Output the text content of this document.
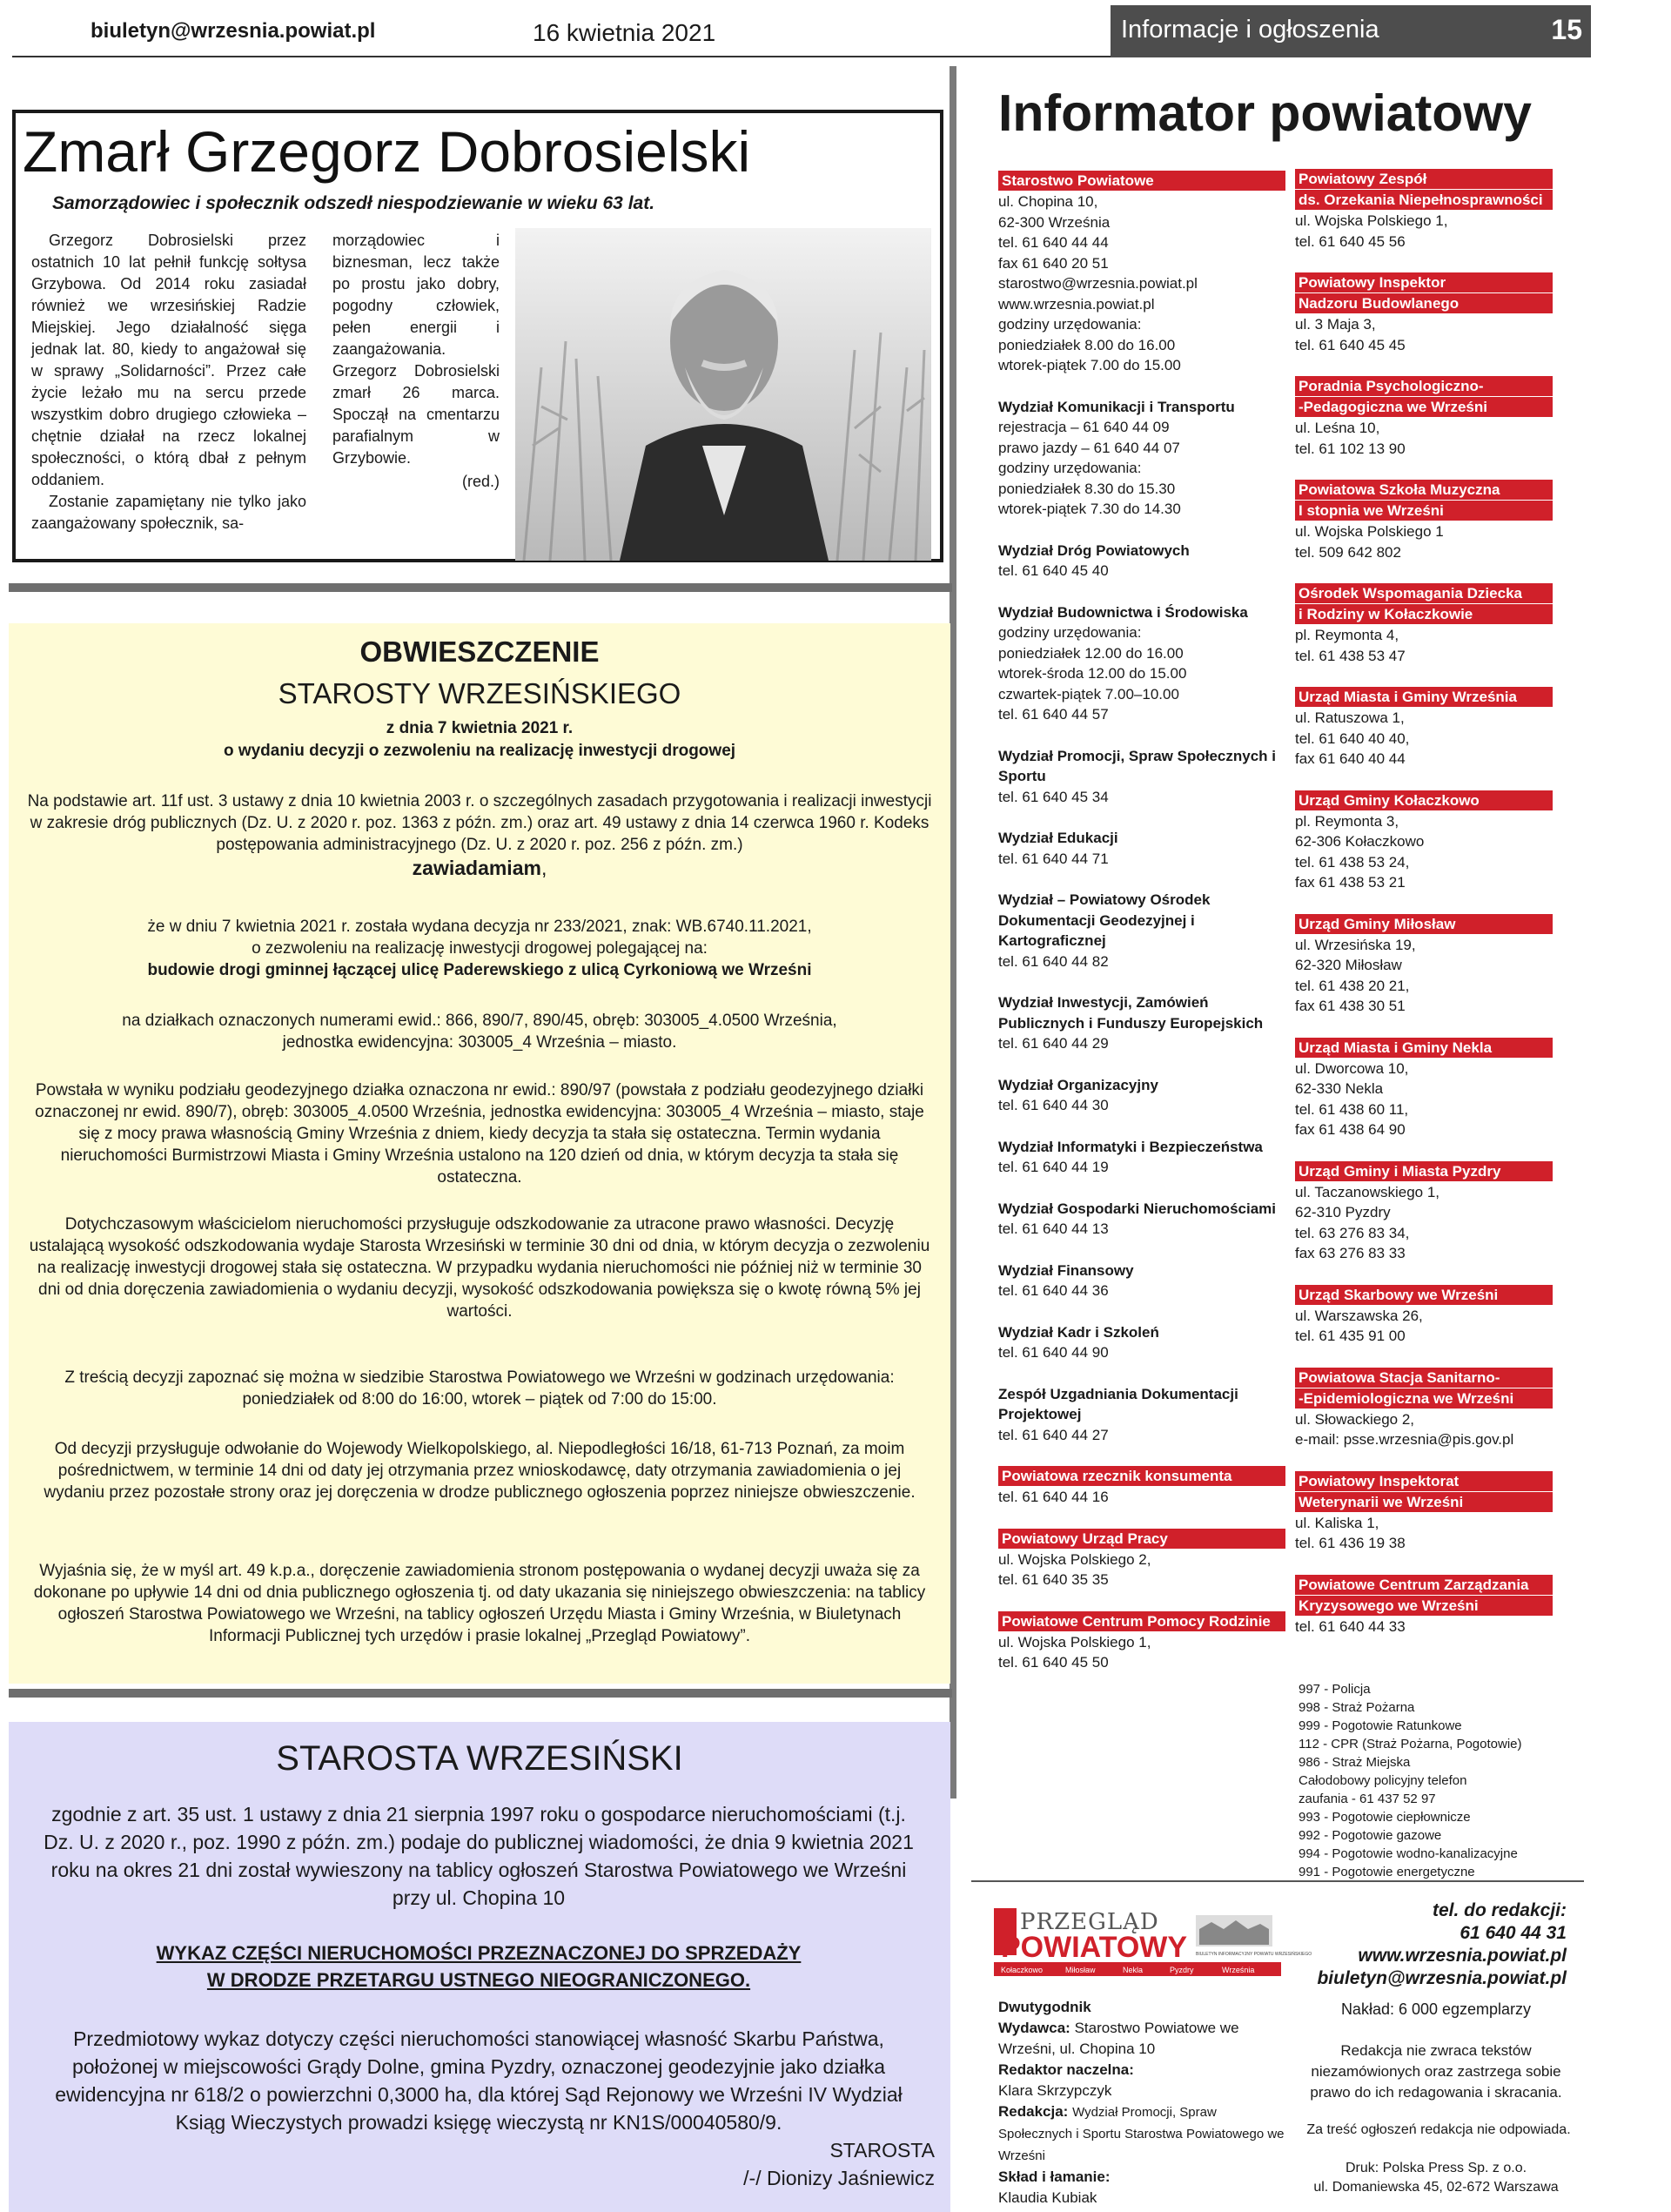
biuletyn@wrzesnia.powiat.pl	16 kwietnia 2021	Informacje i ogłoszenia	15
Zmarł Grzegorz Dobrosielski
Samorządowiec i społecznik odszedł niespodziewanie w wieku 63 lat.

Grzegorz Dobrosielski przez ostatnich 10 lat pełnił funkcję sołtysa Grzybowa. Od 2014 roku zasiadał również we wrzesińskiej Radzie Miejskiej. Jego działalność sięga jednak lat. 80, kiedy to angażował się w sprawy „Solidarności”. Przez całe życie leżało mu na sercu przede wszystkim dobro drugiego człowieka – chętnie działał na rzecz lokalnej społeczności, o którą dbał z pełnym oddaniem.

Zostanie zapamiętany nie tylko jako zaangażowany społecznik, sa-

morządowiec i biznesman, lecz także po prostu jako dobry, pogodny człowiek, pełen energii i zaangażowania. Grzegorz Dobrosielski zmarł 26 marca. Spoczął na cmentarzu parafialnym w Grzybowie.

(red.)
OBWIESZCZENIE
STAROSTY WRZESIŃSKIEGO
z dnia 7 kwietnia 2021 r.
o wydaniu decyzji o zezwoleniu na realizację inwestycji drogowej
Na podstawie art. 11f ust. 3 ustawy z dnia 10 kwietnia 2003 r. o szczególnych zasadach przygotowania i realizacji inwestycji w zakresie dróg publicznych (Dz. U. z 2020 r. poz. 1363 z późn. zm.) oraz art. 49 ustawy z dnia 14 czerwca 1960 r. Kodeks postępowania administracyjnego (Dz. U. z 2020 r. poz. 256 z późn. zm.)
zawiadamiam,
że w dniu 7 kwietnia 2021 r. została wydana decyzja nr 233/2021, znak: WB.6740.11.2021,
o zezwoleniu na realizację inwestycji drogowej polegającej na:
budowie drogi gminnej łączącej ulicę Paderewskiego z ulicą Cyrkoniową we Wrześni
na działkach oznaczonych numerami ewid.: 866, 890/7, 890/45, obręb: 303005_4.0500 Września, jednostka ewidencyjna: 303005_4 Września – miasto.
Powstała w wyniku podziału geodezyjnego działka oznaczona nr ewid.: 890/97 (powstała z podziału geodezyjnego działki oznaczonej nr ewid. 890/7), obręb: 303005_4.0500 Września, jednostka ewidencyjna: 303005_4 Września – miasto, staje się z mocy prawa własnością Gminy Września z dniem, kiedy decyzja ta stała się ostateczna. Termin wydania nieruchomości Burmistrzowi Miasta i Gminy Września ustalono na 120 dzień od dnia, w którym decyzja ta stała się ostateczna.
Dotychczasowym właścicielom nieruchomości przysługuje odszkodowanie za utracone prawo własności. Decyzję ustalającą wysokość odszkodowania wydaje Starosta Wrzesiński w terminie 30 dni od dnia, w którym decyzja o zezwoleniu na realizację inwestycji drogowej stała się ostateczna. W przypadku wydania nieruchomości nie później niż w terminie 30 dni od dnia doręczenia zawiadomienia o wydaniu decyzji, wysokość odszkodowania powiększa się o kwotę równą 5% jej wartości.
Z treścią decyzji zapoznać się można w siedzibie Starostwa Powiatowego we Wrześni w godzinach urzędowania: poniedziałek od 8:00 do 16:00, wtorek – piątek od 7:00 do 15:00.
Od decyzji przysługuje odwołanie do Wojewody Wielkopolskiego, al. Niepodległości 16/18, 61-713 Poznań, za moim pośrednictwem, w terminie 14 dni od daty jej otrzymania przez wnioskodawcę, daty otrzymania zawiadomienia o jej wydaniu przez pozostałe strony oraz jej doręczenia w drodze publicznego ogłoszenia poprzez niniejsze obwieszczenie.
Wyjaśnia się, że w myśl art. 49 k.p.a., doręczenie zawiadomienia stronom postępowania o wydanej decyzji uważa się za dokonane po upływie 14 dni od dnia publicznego ogłoszenia tj. od daty ukazania się niniejszego obwieszczenia: na tablicy ogłoszeń Starostwa Powiatowego we Wrześni, na tablicy ogłoszeń Urzędu Miasta i Gminy Września, w Biuletynach Informacji Publicznej tych urzędów i prasie lokalnej „Przegląd Powiatowy”.
STAROSTA WRZESIŃSKI
zgodnie z art. 35 ust. 1 ustawy z dnia 21 sierpnia 1997 roku o gospodarce nieruchomościami (t.j. Dz. U. z 2020 r., poz. 1990 z późn. zm.) podaje do publicznej wiadomości, że dnia 9 kwietnia 2021 roku na okres 21 dni został wywieszony na tablicy ogłoszeń Starostwa Powiatowego we Wrześni przy ul. Chopina 10
WYKAZ CZĘŚCI NIERUCHOMOŚCI PRZEZNACZONEJ DO SPRZEDAŻY
W DRODZE PRZETARGU USTNEGO NIEOGRANICZONEGO.
Przedmiotowy wykaz dotyczy części nieruchomości stanowiącej własność Skarbu Państwa, położonej w miejscowości Grądy Dolne, gmina Pyzdry, oznaczonej geodezyjnie jako działka ewidencyjna nr 618/2 o powierzchni 0,3000 ha, dla której Sąd Rejonowy we Wrześni IV Wydział Ksiąg Wieczystych prowadzi księgę wieczystą nr KN1S/00040580/9.
STAROSTA
/-/ Dionizy Jaśniewicz
Informator powiatowy
Starostwo Powiatowe
ul. Chopina 10,
62-300 Września
tel. 61 640 44 44
fax 61 640 20 51
starostwo@wrzesnia.powiat.pl
www.wrzesnia.powiat.pl
godziny urzędowania:
poniedziałek 8.00 do 16.00
wtorek-piątek 7.00 do 15.00
Wydział Komunikacji i Transportu
rejestracja – 61 640 44 09
prawo jazdy – 61 640 44 07
godziny urzędowania:
poniedziałek 8.30 do 15.30
wtorek-piątek 7.30 do 14.30
Wydział Dróg Powiatowych
tel. 61 640 45 40
Wydział Budownictwa i Środowiska
godziny urzędowania:
poniedziałek 12.00 do 16.00
wtorek-środa 12.00 do 15.00
czwartek-piątek 7.00–10.00
tel. 61 640 44 57
Wydział Promocji, Spraw Społecznych i Sportu
tel. 61 640 45 34
Wydział Edukacji
tel. 61 640 44 71
Wydział – Powiatowy Ośrodek Dokumentacji Geodezyjnej i Kartograficznej
tel. 61 640 44 82
Wydział Inwestycji, Zamówień Publicznych i Funduszy Europejskich
tel. 61 640 44 29
Wydział Organizacyjny
tel. 61 640 44 30
Wydział Informatyki i Bezpieczeństwa
tel. 61 640 44 19
Wydział Gospodarki Nieruchomościami
tel. 61 640 44 13
Wydział Finansowy
tel. 61 640 44 36
Wydział Kadr i Szkoleń
tel. 61 640 44 90
Zespół Uzgadniania Dokumentacji Projektowej
tel. 61 640 44 27
Powiatowa rzecznik konsumenta
tel. 61 640 44 16
Powiatowy Urząd Pracy
ul. Wojska Polskiego 2,
tel. 61 640 35 35
Powiatowe Centrum Pomocy Rodzinie
ul. Wojska Polskiego 1,
tel. 61 640 45 50
Powiatowy Zespół
ds. Orzekania Niepełnosprawności
ul. Wojska Polskiego 1,
tel. 61 640 45 56
Powiatowy Inspektor
Nadzoru Budowlanego
ul. 3 Maja 3,
tel. 61 640 45 45
Poradnia Psychologiczno-
-Pedagogiczna we Wrześni
ul. Leśna 10,
tel. 61 102 13 90
Powiatowa Szkoła Muzyczna
I stopnia we Wrześni
ul. Wojska Polskiego 1
tel. 509 642 802
Ośrodek Wspomagania Dziecka
i Rodziny w Kołaczkowie
pl. Reymonta 4,
tel. 61 438 53 47
Urząd Miasta i Gminy Września
ul. Ratuszowa 1,
tel. 61 640 40 40,
fax 61 640 40 44
Urząd Gminy Kołaczkowo
pl. Reymonta 3,
62-306 Kołaczkowo
tel. 61 438 53 24,
fax 61 438 53 21
Urząd Gminy Miłosław
ul. Wrzesińska 19,
62-320 Miłosław
tel. 61 438 20 21,
fax 61 438 30 51
Urząd Miasta i Gminy Nekla
ul. Dworcowa 10,
62-330 Nekla
tel. 61 438 60 11,
fax 61 438 64 90
Urząd Gminy i Miasta Pyzdry
ul. Taczanowskiego 1,
62-310 Pyzdry
tel. 63 276 83 34,
fax 63 276 83 33
Urząd Skarbowy we Wrześni
ul. Warszawska 26,
tel. 61 435 91 00
Powiatowa Stacja Sanitarno-
-Epidemiologiczna we Wrześni
ul. Słowackiego 2,
e-mail: psse.wrzesnia@pis.gov.pl
Powiatowy Inspektorat
Weterynarii we Wrześni
ul. Kaliska 1,
tel. 61 436 19 38
Powiatowe Centrum Zarządzania
Kryzysowego we Wrześni
tel. 61 640 44 33
997 - Policja
998 - Straż Pożarna
999 - Pogotowie Ratunkowe
112 - CPR (Straż Pożarna, Pogotowie)
986 - Straż Miejska
Całodobowy policyjny telefon
zaufania - 61 437 52 97
993 - Pogotowie ciepłownicze
992 - Pogotowie gazowe
994 - Pogotowie wodno-kanalizacyjne
991 - Pogotowie energetyczne
PRZEGLĄD
POWIATOWY BIULETYN INFORMACYJNY POWIATU WRZESIŃSKIEGO
Kołaczkowo	Miłosław	Nekla	Pyzdry	Września
tel. do redakcji:
61 640 44 31
www.wrzesnia.powiat.pl
biuletyn@wrzesnia.powiat.pl
Nakład: 6 000 egzemplarzy
Redakcja nie zwraca tekstów niezamówionych oraz zastrzega sobie prawo do ich redagowania i skracania.
Za treść ogłoszeń redakcja nie odpowiada.
Druk: Polska Press Sp. z o.o.
ul. Domaniewska 45, 02-672 Warszawa
Dwutygodnik
Wydawca: Starostwo Powiatowe we Wrześni, ul. Chopina 10
Redaktor naczelna:
Klara Skrzypczyk
Redakcja: Wydział Promocji, Spraw Społecznych i Sportu Starostwa Powiatowego we Wrześni
Skład i łamanie:
Klaudia Kubiak
